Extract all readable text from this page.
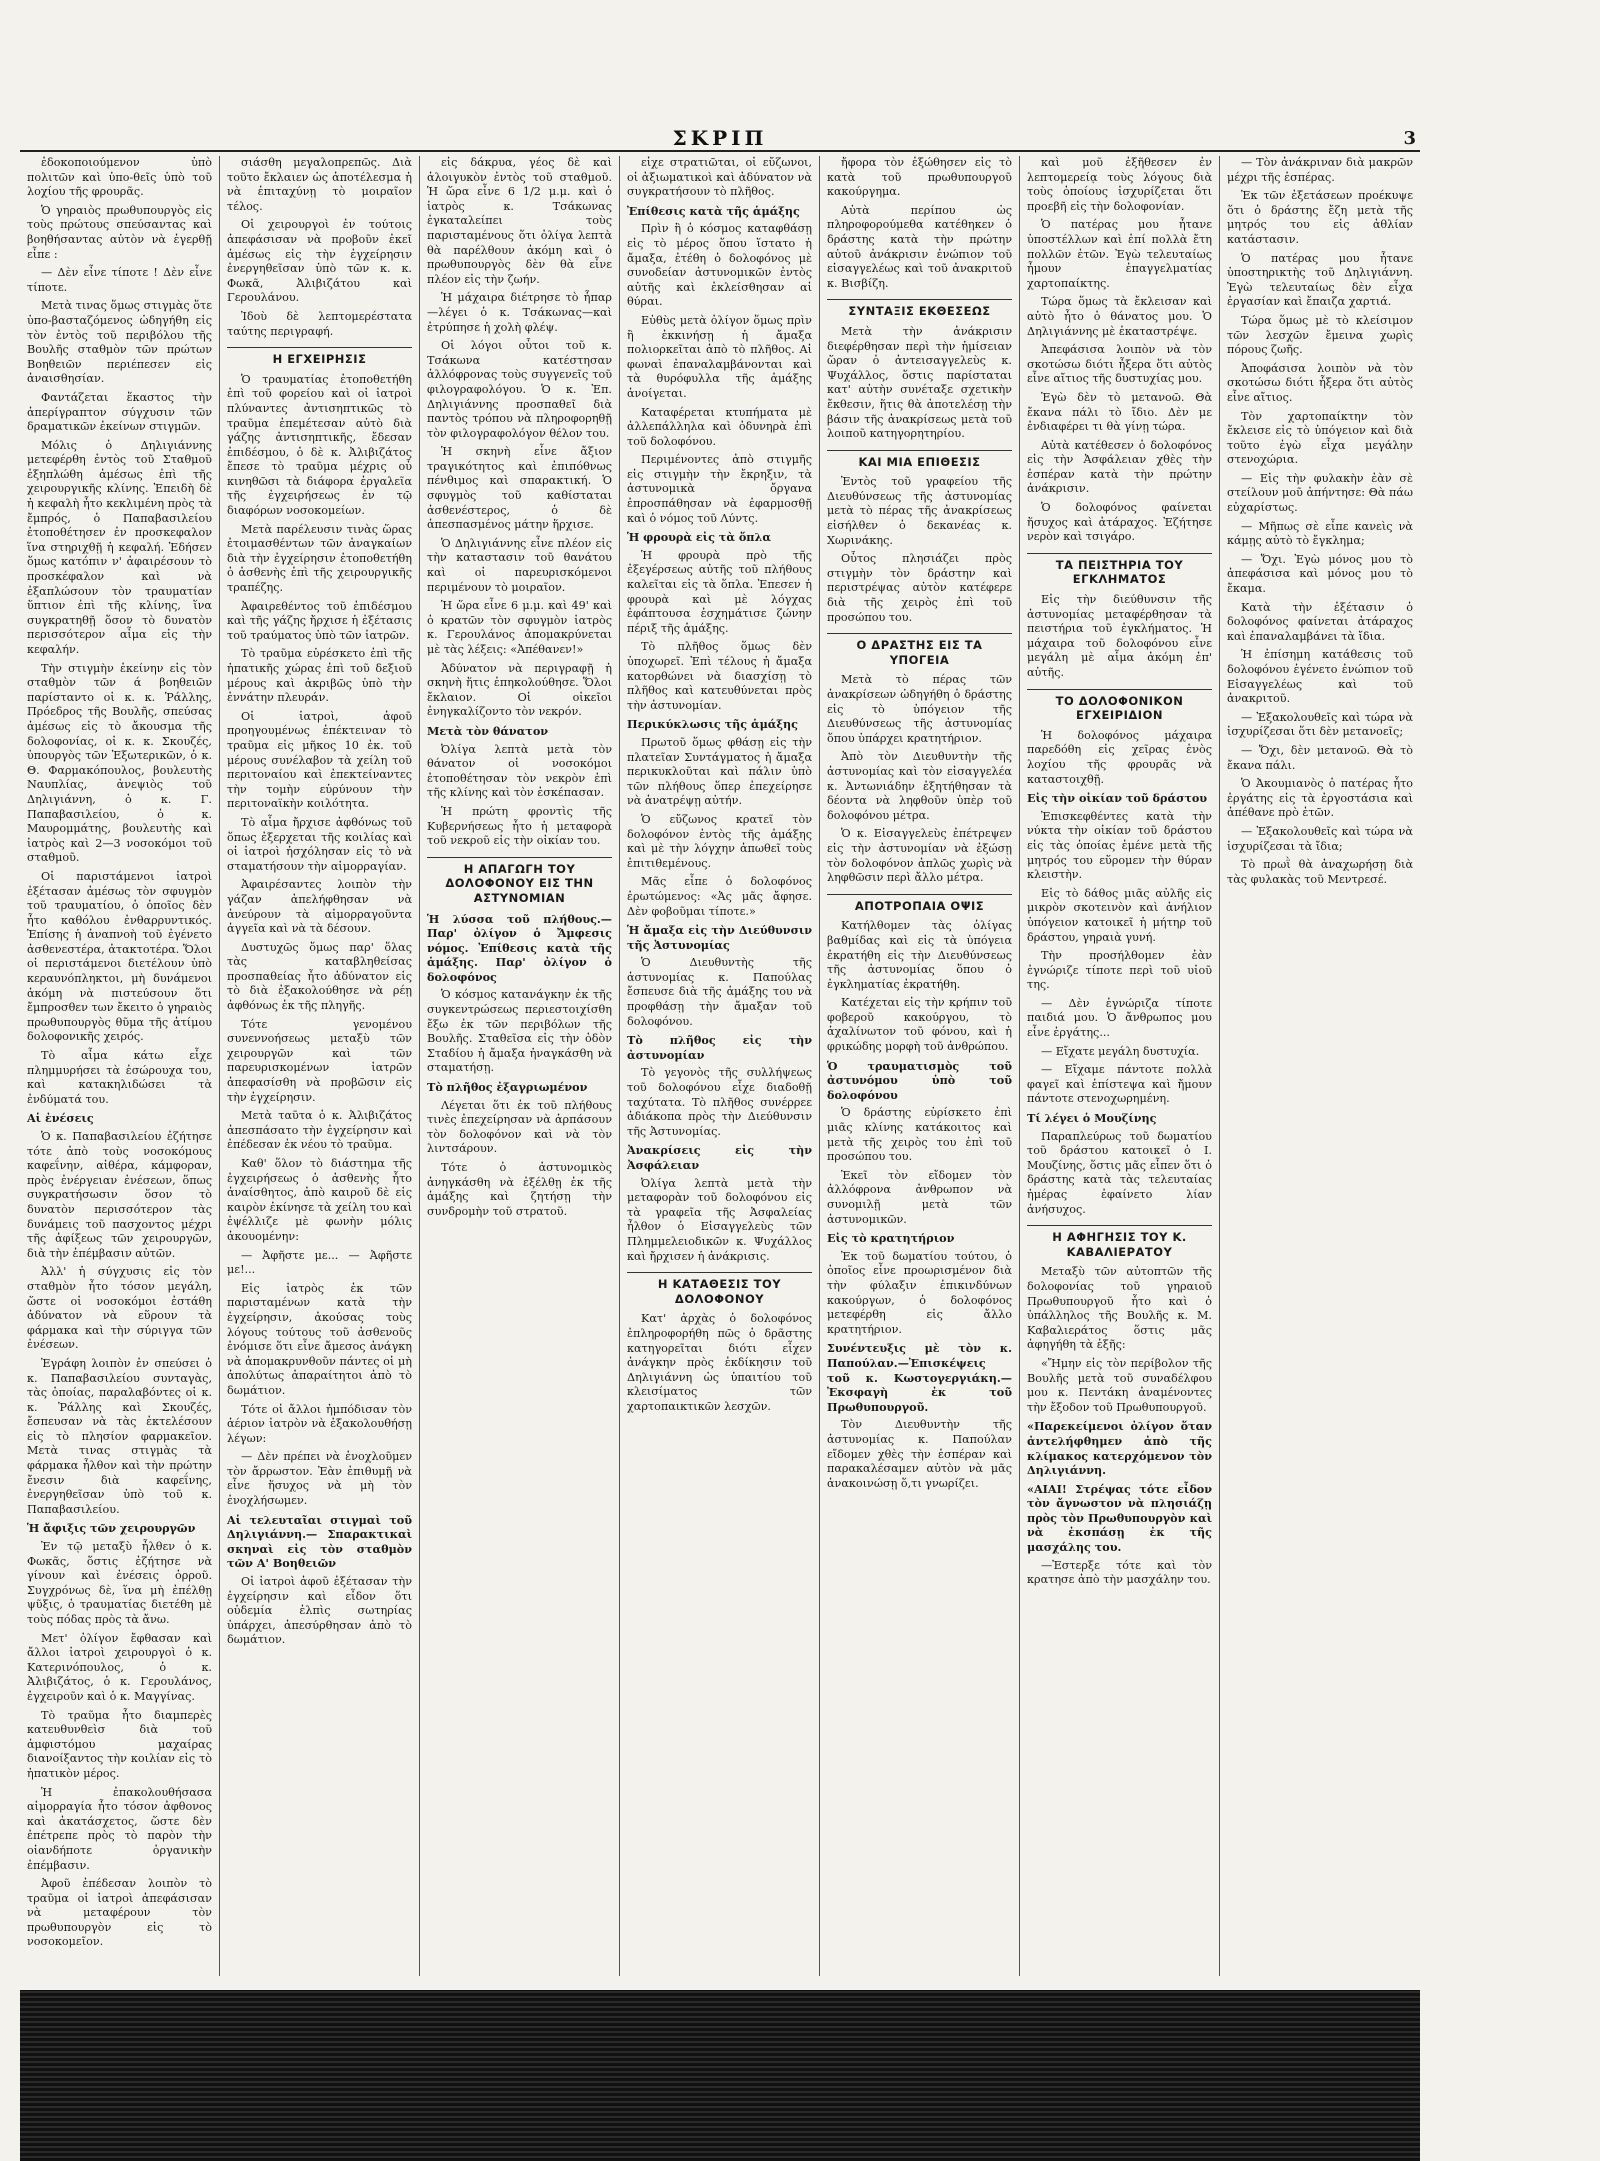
ΣΚΡΙΠ	3

ἐδοκοποιούμενον ὑπὸ πολιτῶν καὶ ὑπο-θεῖς ὑπὸ τοῦ λοχίου τῆς φρουρᾶς.

Ὁ γηραιὸς πρωθυπουργὸς εἰς τοὺς πρώτους σπεύσαντας καὶ βοηθήσαντας αὐτὸν νὰ ἐγερθῇ εἶπε :

— Δὲν εἶνε τίποτε ! Δὲν εἶνε τίποτε.

Μετὰ τινας ὅμως στιγμὰς ὅτε ὑπο-βασταζόμενος ὡδηγήθη εἰς τὸν ἐντὸς τοῦ περιβόλου τῆς Βουλῆς σταθμὸν τῶν πρώτων Βοηθειῶν περιέπεσεν εἰς ἀναισθησίαν.

Φαντάζεται ἕκαστος τὴν ἀπερίγραπτον σύγχυσιν τῶν δραματικῶν ἐκείνων στιγμῶν.

Μόλις ὁ Δηλιγιάννης μετεφέρθη ἐντὸς τοῦ Σταθμοῦ ἐξηπλώθη ἀμέσως ἐπὶ τῆς χειρουργικῆς κλίνης. Ἐπειδὴ δὲ ἡ κεφαλὴ ἦτο κεκλιμένη πρὸς τὰ ἔμπρός, ὁ Παπαβασιλείου ἐτοποθέτησεν ἐν προσκεφαλον ἵνα στηριχθῇ ἡ κεφαλή. Ἐδήσεν ὅμως κατόπιν ν' ἀφαιρέσουν τὸ προσκέφαλον καὶ νὰ ἐξαπλώσουν τὸν τραυματίαν ὕπτιον ἐπὶ τῆς κλίνης, ἵνα συγκρατηθῇ ὅσον τὸ δυνατὸν περισσότερον αἷμα εἰς τὴν κεφαλήν.

Τὴν στιγμὴν ἐκείνην εἰς τὸν σταθμὸν τῶν ά βοηθειῶν παρίσταντο οἱ κ. κ. Ῥάλλης, Πρόεδρος τῆς Βουλῆς, σπεύσας ἀμέσως εἰς τὸ ἄκουσμα τῆς δολοφονίας, οἱ κ. κ. Σκουζές, ὑπουργὸς τῶν Ἐξωτερικῶν, ὁ κ. Θ. Φαρμακόπουλος, βουλευτὴς Ναυπλίας, ἀνεψιὸς τοῦ Δηλιγιάννη, ὁ κ. Γ. Παπαβασιλείου, ὁ κ. Μαυρομμάτης, βουλευτὴς καὶ ἰατρὸς καὶ 2—3 νοσοκόμοι τοῦ σταθμοῦ.

Οἱ παριστάμενοι ἰατροὶ ἐξέτασαν ἀμέσως τὸν σφυγμὸν τοῦ τραυματίου, ὁ ὁποῖος δὲν ἦτο καθόλου ἐνθαρρυντικός. Ἐπίσης ἡ ἀναπνοὴ τοῦ ἐγένετο ἀσθενεστέρα, ἀτακτοτέρα. Ὅλοι οἱ περιστάμενοι διετέλουν ὑπὸ κεραυνόπληκτοι, μὴ δυνάμενοι ἀκόμη νὰ πιστεύσουν ὅτι ἔμπροσθεν των ἔκειτο ὁ γηραιὸς πρωθυπουργὸς θῦμα τῆς ἀτίμου δολοφονικῆς χειρός.

Τὸ αἷμα κάτω εἶχε πλημμυρήσει τὰ ἐσώρουχα του, καὶ κατακηλιδώσει τὰ ἐνδύματά του.

Αἱ ἐνέσεις

Ὁ κ. Παπαβασιλείου ἐζήτησε τότε ἀπὸ τοὺς νοσοκόμους καφεΐνην, αἰθέρα, κάμφοραν, πρὸς ἐνέργειαν ἐνέσεων, ὅπως συγκρατήσωσιν ὅσον τὸ δυνατὸν περισσότερον τὰς δυνάμεις τοῦ πασχοντος μέχρι τῆς ἀφίξεως τῶν χειρουργῶν, διὰ τὴν ἐπέμβασιν αὐτῶν.

Ἀλλ' ἡ σύγχυσις εἰς τὸν σταθμὸν ἦτο τόσον μεγάλη, ὥστε οἱ νοσοκόμοι ἐστάθη ἀδύνατον νὰ εὕρουν τὰ φάρμακα καὶ τὴν σύριγγα τῶν ἐνέσεων.

Ἐγράφη λοιπὸν ἐν σπεύσει ὁ κ. Παπαβασιλείου συνταγὰς, τὰς ὁποίας, παραλαβόντες οἱ κ. κ. Ῥάλλης καὶ Σκουζές, ἔσπευσαν νὰ τὰς ἐκτελέσουν εἰς τὸ πλησίον φαρμακεῖον. Μετὰ τινας στιγμὰς τὰ φάρμακα ἦλθον καὶ τὴν πρώτην ἔνεσιν διὰ καφεΐνης, ἐνεργηθεῖσαν ὑπὸ τοῦ κ. Παπαβασιλείου.

Ἡ ἄφιξις τῶν χειρουργῶν

Ἐν τῷ μεταξὺ ἦλθεν ὁ κ. Φωκᾶς, ὅστις ἐζήτησε νὰ γίνουν καὶ ἐνέσεις ὀρροῦ. Συγχρόνως δὲ, ἵνα μὴ ἐπέλθῃ ψῦξις, ὁ τραυματίας διετέθη μὲ τοὺς πόδας πρὸς τὰ ἄνω.

Μετ' ὀλίγον ἔφθασαν καὶ ἄλλοι ἰατροὶ χειρουργοὶ ὁ κ. Κατερινόπουλος, ὁ κ. Ἀλιβιζάτος, ὁ κ. Γερουλάνος, ἐγχειροῦν καὶ ὁ κ. Μαγγίνας.

Τὸ τραῦμα ἦτο διαμπερὲς κατευθυνθεὶσ διὰ τοῦ ἀμφιστόμου μαχαίρας διανοίξαντος τὴν κοιλίαν εἰς τὸ ἡπατικὸν μέρος.

Ἡ ἐπακολουθήσασα αἱμορραγία ἦτο τόσον ἀφθονος καὶ ἀκατάσχετος, ὥστε δὲν ἐπέτρεπε πρὸς τὸ παρὸν τὴν οἱανδήποτε ὀργανικὴν ἐπέμβασιν.

Ἀφοῦ ἐπέδεσαν λοιπὸν τὸ τραῦμα οἱ ἰατροὶ ἀπεφάσισαν νὰ μεταφέρουν τὸν πρωθυπουργὸν εἰς τὸ νοσοκομεῖον.

σιάσθη μεγαλοπρεπῶς. Διὰ τοῦτο ἔκλαιεν ὡς ἀποτέλεσμα ἡ νὰ ἐπιταχύνῃ τὸ μοιραῖον τέλος.

Οἱ χειρουργοὶ ἐν τούτοις ἀπεφάσισαν νὰ προβοῦν ἐκεῖ ἀμέσως εἰς τὴν ἐγχείρησιν ἐνεργηθεῖσαν ὑπὸ τῶν κ. κ. Φωκᾶ, Ἀλιβιζάτου καὶ Γερουλάνου.

Ἰδοὺ δὲ λεπτομερέστατα ταύτης περιγραφή.

Η ΕΓΧΕΙΡΗΣΙΣ

Ὁ τραυματίας ἐτοποθετήθη ἐπὶ τοῦ φορείου καὶ οἱ ἰατροὶ πλύναντες ἀντισηπτικῶς τὸ τραῦμα ἐπεμέτεσαν αὐτὸ διὰ γάζης ἀντισηπτικῆς, ἔδεσαν ἐπιδέσμου, ὁ δὲ κ. Ἀλιβιζάτος ἔπεσε τὸ τραῦμα μέχρις οὗ κινηθῶσι τὰ διάφορα ἐργαλεῖα τῆς ἐγχειρήσεως ἐν τῷ διαφόρων νοσοκομείων.

Μετὰ παρέλευσιν τινὰς ὥρας ἐτοιμασθέντων τῶν ἀναγκαίων διὰ τὴν ἐγχείρησιν ἐτοποθετήθη ὁ ἀσθενὴς ἐπὶ τῆς χειρουργικῆς τραπέζης.

Ἀφαιρεθέντος τοῦ ἐπιδέσμου καὶ τῆς γάζης ἤρχισε ἡ ἐξέτασις τοῦ τραύματος ὑπὸ τῶν ἰατρῶν.

Τὸ τραῦμα εὑρέσκετο ἐπὶ τῆς ἡπατικῆς χώρας ἐπὶ τοῦ δεξιοῦ μέρους καὶ ἀκριβῶς ὑπὸ τὴν ἐννάτην πλευράν.

Οἱ ἰατροὶ, ἀφοῦ προηγουμένως ἐπέκτειναν τὸ τραῦμα εἰς μῆκος 10 ἐκ. τοῦ μέρους συνέλαβον τὰ χείλη τοῦ περιτοναίου καὶ ἐπεκτείναντες τὴν τομὴν εὐρύνουν τὴν περιτοναϊκὴν κοιλότητα.

Τὸ αἷμα ἤρχισε ἀφθόνως τοῦ ὅπως ἐξερχεται τῆς κοιλίας καὶ οἱ ἰατροὶ ἠσχόλησαν εἰς τὸ νὰ σταματήσουν τὴν αἱμορραγίαν.

Ἀφαιρέσαντες λοιπὸν τὴν γάζαν ἀπελήφθησαν νὰ ἀνεύρουν τὰ αἱμορραγοῦντα ἀγγεῖα καὶ νὰ τὰ δέσουν.

Δυστυχῶς ὅμως παρ' ὅλας τὰς καταβληθείσας προσπαθείας ἦτο ἀδύνατον εἰς τὸ διὰ ἐξακολούθησε νὰ ρέῃ ἀφθόνως ἐκ τῆς πληγῆς.

Τότε γενομένου συνεννοήσεως μεταξὺ τῶν χειρουργῶν καὶ τῶν παρευρισκομένων ἰατρῶν ἀπεφασίσθη νὰ προβῶσιν εἰς τὴν ἐγχείρησιν.

Μετὰ ταῦτα ὁ κ. Ἀλιβιζάτος ἀπεσπάσατο τὴν ἐγχείρησιν καὶ ἐπέδεσαν ἐκ νέου τὸ τραῦμα.

Καθ' ὅλον τὸ διάστημα τῆς ἐγχειρήσεως ὁ ἀσθενὴς ἦτο ἀναίσθητος, ἀπὸ καιροῦ δὲ εἰς καιρὸν ἐκίνησε τὰ χείλη του καὶ ἐψέλλιζε μὲ φωνὴν μόλις ἀκουομένην:

— Ἀφῆστε με... — Ἀφῆστε με!...

Εἰς ἰατρὸς ἐκ τῶν παρισταμένων κατὰ τὴν ἐγχείρησιν, ἀκούσας τοὺς λόγους τούτους τοῦ ἀσθενοῦς ἐνόμισε ὅτι εἶνε ἄμεσος ἀνάγκη νὰ ἀπομακρυνθοῦν πάντες οἱ μὴ ἀπολύτως ἀπαραίτητοι ἀπὸ τὸ δωμάτιον.

Τότε οἱ ἄλλοι ἠμπόδισαν τὸν ἀέριον ἰατρὸν νὰ ἐξακολουθήσῃ λέγων:

— Δὲν πρέπει νὰ ἐνοχλοῦμεν τὸν ἄρρωστον. Ἐὰν ἐπιθυμῇ νὰ εἶνε ἥσυχος νὰ μὴ τὸν ἐνοχλήσωμεν.

Αἱ τελευταῖαι στιγμαὶ τοῦ Δηλιγιάννη.— Σπαρακτικαὶ σκηναὶ εἰς τὸν σταθμὸν τῶν Α' Βοηθειῶν

Οἱ ἰατροὶ ἀφοῦ ἐξέτασαν τὴν ἐγχείρησιν καὶ εἶδον ὅτι οὐδεμία ἐλπὶς σωτηρίας ὑπάρχει, ἀπεσύρθησαν ἀπὸ τὸ δωμάτιον.

εἰς δάκρυα, γέος δὲ καὶ ἀλοιγυκὸν ἐντὸς τοῦ σταθμοῦ. Ἡ ὥρα εἶνε 6 1/2 μ.μ. καὶ ὁ ἰατρὸς κ. Τσάκωνας ἐγκαταλείπει τοὺς παρισταμένους ὅτι ὀλίγα λεπτὰ θὰ παρέλθουν ἀκόμη καὶ ὁ πρωθυπουργὸς δὲν θὰ εἶνε πλέον εἰς τὴν ζωήν.

Ἡ μάχαιρα διέτρησε τὸ ἧπαρ—λέγει ὁ κ. Τσάκωνας—καὶ ἐτρύπησε ἡ χολὴ φλέψ.

Οἱ λόγοι οὗτοι τοῦ κ. Τσάκωνα κατέστησαν ἀλλόφρονας τοὺς συγγενεῖς τοῦ φιλογραφολόγου. Ὁ κ. Ἐπ. Δηλιγιάννης προσπαθεῖ διὰ παντὸς τρόπου νὰ πληροφορηθῇ τὸν φιλογραφολόγον θέλον του.

Ἡ σκηνὴ εἶνε ἄξιον τραγικότητος καὶ ἐπιπόθνως πένθιμος καὶ σπαρακτική. Ὁ σφυγμὸς τοῦ καθίσταται ἀσθενέστερος, ὁ δὲ ἀπεσπασμένος μάτην ἥρχισε.

Ὁ Δηλιγιάννης εἶνε πλέον εἰς τὴν καταστασιν τοῦ θανάτου καὶ οἱ παρευρισκόμενοι περιμένουν τὸ μοιραῖον.

Ἡ ὥρα εἶνε 6 μ.μ. καὶ 49' καὶ ὁ κρατῶν τὸν σφυγμὸν ἰατρὸς κ. Γερουλάνος ἀπομακρύνεται μὲ τὰς λέξεις: «Ἀπέθανεν!»

Ἀδύνατον νὰ περιγραφῇ ἡ σκηνὴ ἥτις ἐπηκολούθησε. Ὅλοι ἔκλαιον. Οἱ οἰκεῖοι ἐνηγκαλίζοντο τὸν νεκρόν.

Μετὰ τὸν θάνατον

Ὀλίγα λεπτὰ μετὰ τὸν θάνατον οἱ νοσοκόμοι ἐτοποθέτησαν τὸν νεκρὸν ἐπὶ τῆς κλίνης καὶ τὸν ἐσκέπασαν.

Ἡ πρώτη φροντὶς τῆς Κυβερνήσεως ἦτο ἡ μεταφορὰ τοῦ νεκροῦ εἰς τὴν οἰκίαν του.

Η ΑΠΑΓΩΓΗ ΤΟΥ ΔΟΛΟΦΟΝΟΥ ΕΙΣ ΤΗΝ ΑΣΤΥΝΟΜΙΑΝ

Ἡ λύσσα τοῦ πλήθους.—Παρ' ὀλίγον ὁ Ἄμφεσις νόμος. Ἐπίθεσις κατὰ τῆς ἁμάξης. Παρ' ὀλίγον ὁ δολοφόνος

Ὁ κόσμος κατανάγκην ἐκ τῆς συγκεντρώσεως περιεστοιχίσθη ἔξω ἐκ τῶν περιβόλων τῆς Βουλῆς. Σταθεῖσα εἰς τὴν ὁδὸν Σταδίου ἡ ἄμαξα ἠναγκάσθη νὰ σταματήσῃ.

Τὸ πλῆθος ἐξαγριωμένον

Λέγεται ὅτι ἐκ τοῦ πλήθους τινὲς ἐπεχείρησαν νὰ ἀρπάσουν τὸν δολοφόνον καὶ νὰ τὸν λιντσάρουν.

Τότε ὁ ἀστυνομικὸς ἀνηγκάσθη νὰ ἐξέλθῃ ἐκ τῆς ἁμάξης καὶ ζητήσῃ τὴν συνδρομὴν τοῦ στρατοῦ.

εἶχε στρατιῶται, οἱ εὔζωνοι, οἱ ἀξιωματικοὶ καὶ ἀδύνατον νὰ συγκρατήσουν τὸ πλῆθος.

Ἐπίθεσις κατὰ τῆς ἁμάξης

Πρὶν ἢ ὁ κόσμος καταφθάσῃ εἰς τὸ μέρος ὅπου ἵστατο ἡ ἄμαξα, ἐτέθη ὁ δολοφόνος μὲ συνοδείαν ἀστυνομικῶν ἐντὸς αὐτῆς καὶ ἐκλείσθησαν αἱ θύραι.

Εὐθὺς μετὰ ὀλίγον ὅμως πρὶν ἢ ἐκκινήσῃ ἡ ἄμαξα πολιορκεῖται ἀπὸ τὸ πλῆθος. Αἱ φωναὶ ἐπαναλαμβάνονται καὶ τὰ θυρόφυλλα τῆς ἁμάξης ἀνοίγεται.

Καταφέρεται κτυπήματα μὲ ἀλλεπάλληλα καὶ ὀδυνηρὰ ἐπὶ τοῦ δολοφόνου.

Περιμένοντες ἀπὸ στιγμῆς εἰς στιγμὴν τὴν ἔκρηξιν, τὰ ἀστυνομικὰ ὄργανα ἐπροσπάθησαν νὰ ἐφαρμοσθῇ καὶ ὁ νόμος τοῦ Λύντς.

Ἡ φρουρὰ εἰς τὰ ὅπλα

Ἡ φρουρὰ πρὸ τῆς ἐξεγέρσεως αὐτῆς τοῦ πλήθους καλεῖται εἰς τὰ ὅπλα. Ἐπεσεν ἡ φρουρὰ καὶ μὲ λόγχας ἐφάπτουσα ἐσχημάτισε ζώνην πέριξ τῆς ἁμάξης.

Τὸ πλῆθος ὅμως δὲν ὑποχωρεῖ. Ἐπὶ τέλους ἡ ἄμαξα κατορθώνει νὰ διασχίσῃ τὸ πλῆθος καὶ κατευθύνεται πρὸς τὴν ἀστυνομίαν.

Περικύκλωσις τῆς ἁμάξης

Πρωτοῦ ὅμως φθάσῃ εἰς τὴν πλατεῖαν Συντάγματος ἡ ἄμαξα περικυκλοῦται καὶ πάλιν ὑπὸ τῶν πλήθους ὅπερ ἐπεχείρησε νὰ ἀνατρέψῃ αὐτήν.

Ὁ εὔζωνος κρατεῖ τὸν δολοφόνον ἐντὸς τῆς ἁμάξης καὶ μὲ τὴν λόγχην ἀπωθεῖ τοὺς ἐπιτιθεμένους.

Μᾶς εἶπε ὁ δολοφόνος ἐρωτώμενος: «Ἀς μᾶς ἄφησε. Δὲν φοβοῦμαι τίποτε.»

Ἡ ἄμαξα εἰς τὴν Διεύθυνσιν τῆς Ἀστυνομίας

Ὁ Διευθυντὴς τῆς ἀστυνομίας κ. Παπούλας ἔσπευσε διὰ τῆς ἁμάξης του νὰ προφθάσῃ τὴν ἄμαξαν τοῦ δολοφόνου.

Τὸ πλῆθος εἰς τὴν ἀστυνομίαν

Τὸ γεγονὸς τῆς συλλήψεως τοῦ δολοφόνου εἶχε διαδοθῇ ταχύτατα. Τὸ πλῆθος συνέρρεε ἀδιάκοπα πρὸς τὴν Διεύθυνσιν τῆς Ἀστυνομίας.

Ἀνακρίσεις εἰς τὴν Ἀσφάλειαν

Ὀλίγα λεπτὰ μετὰ τὴν μεταφορὰν τοῦ δολοφόνου εἰς τὰ γραφεῖα τῆς Ἀσφαλείας ἦλθον ὁ Εἰσαγγελεὺς τῶν Πλημμελειοδικῶν κ. Ψυχάλλος καὶ ἤρχισεν ἡ ἀνάκρισις.

Η ΚΑΤΑΘΕΣΙΣ ΤΟΥ ΔΟΛΟΦΟΝΟΥ

Κατ' ἀρχὰς ὁ δολοφόνος ἐπληροφορήθη πῶς ὁ δρᾶστης κατηγορεῖται διότι εἶχεν ἀνάγκην πρὸς ἐκδίκησιν τοῦ Δηλιγιάννη ὡς ὑπαιτίου τοῦ κλεισίματος τῶν χαρτοπαικτικῶν λεσχῶν.

ἤφορα τὸν ἐξώθησεν εἰς τὸ κατὰ τοῦ πρωθυπουργοῦ κακούργημα.

Αὐτὰ περίπου ὡς πληροφορούμεθα κατέθηκεν ὁ δράστης κατὰ τὴν πρώτην αὐτοῦ ἀνάκρισιν ἐνώπιον τοῦ εἰσαγγελέως καὶ τοῦ ἀνακριτοῦ κ. Βισβίζη.

ΣΥΝΤΑΞΙΣ ΕΚΘΕΣΕΩΣ

Μετὰ τὴν ἀνάκρισιν διεφέρθησαν περὶ τὴν ἡμίσειαν ὥραν ὁ ἀντεισαγγελεὺς κ. Ψυχάλλος, ὅστις παρίσταται κατ' αὐτὴν συνέταξε σχετικὴν ἔκθεσιν, ἥτις θὰ ἀποτελέσῃ τὴν βάσιν τῆς ἀνακρίσεως μετὰ τοῦ λοιποῦ κατηγορητηρίου.

ΚΑΙ ΜΙΑ ΕΠΙΘΕΣΙΣ

Ἐντὸς τοῦ γραφείου τῆς Διευθύνσεως τῆς ἀστυνομίας μετὰ τὸ πέρας τῆς ἀνακρίσεως εἰσήλθεν ὁ δεκανέας κ. Χωρινάκης.

Οὗτος πλησιάζει πρὸς στιγμὴν τὸν δράστην καὶ περιστρέψας αὐτὸν κατέφερε διὰ τῆς χειρὸς ἐπὶ τοῦ προσώπου του.

Ο ΔΡΑΣΤΗΣ ΕΙΣ ΤΑ ΥΠΟΓΕΙΑ

Μετὰ τὸ πέρας τῶν ἀνακρίσεων ὠδηγήθη ὁ δράστης εἰς τὸ ὑπόγειον τῆς Διευθύνσεως τῆς ἀστυνομίας ὅπου ὑπάρχει κρατητήριον.

Ἀπὸ τὸν Διευθυντὴν τῆς ἀστυνομίας καὶ τὸν εἰσαγγελέα κ. Ἀντωνιάδην ἐξητήθησαν τὰ δέοντα νὰ ληφθοῦν ὑπὲρ τοῦ δολοφόνου μέτρα.

Ὁ κ. Εἰσαγγελεὺς ἐπέτρεψεν εἰς τὴν ἀστυνομίαν νὰ ἐξώσῃ τὸν δολοφόνον ἀπλῶς χωρὶς νὰ ληφθῶσιν περὶ ἄλλο μέτρα.

ΑΠΟΤΡΟΠΑΙΑ ΟΨΙΣ

Κατήλθομεν τὰς ὀλίγας βαθμίδας καὶ εἰς τὰ ὑπόγεια ἐκρατήθη εἰς τὴν Διευθύνσεως τῆς ἀστυνομίας ὅπου ὁ ἐγκληματίας ἐκρατήθη.

Κατέχεται εἰς τὴν κρήπιν τοῦ φοβεροῦ κακούργου, τὸ ἀχαλίνωτον τοῦ φόνου, καὶ ἡ φρικώδης μορφὴ τοῦ ἀνθρώπου.

Ὁ τραυματισμὸς τοῦ ἀστυνόμου ὑπὸ τοῦ δολοφόνου

Ὁ δράστης εὑρίσκετο ἐπὶ μιᾶς κλίνης κατάκοιτος καὶ μετὰ τῆς χειρὸς του ἐπὶ τοῦ προσώπου του.

Ἐκεῖ τὸν εἴδομεν τὸν ἀλλόφρονα ἀνθρωπον νὰ συνομιλῇ μετὰ τῶν ἀστυνομικῶν.

Εἰς τὸ κρατητήριον

Ἐκ τοῦ δωματίου τούτου, ὁ ὁποῖος εἶνε προωρισμένον διὰ τὴν φύλαξιν ἐπικινδύνων κακούργων, ὁ δολοφόνος μετεφέρθη εἰς ἄλλο κρατητήριον.

Συνέντευξις μὲ τὸν κ. Παπούλαν.—Ἐπισκέψεις τοῦ κ. Κωστογεργιάκη.—Ἐκσφαγὴ ἐκ τοῦ Πρωθυπουργοῦ.

Τὸν Διευθυντὴν τῆς ἀστυνομίας κ. Παπούλαν εἴδομεν χθὲς τὴν ἑσπέραν καὶ παρακαλέσαμεν αὐτὸν νὰ μᾶς ἀνακοινώσῃ ὅ,τι γνωρίζει.

καὶ μοῦ ἐξῆθεσεν ἐν λεπτομερείᾳ τοὺς λόγους διὰ τοὺς ὁποίους ἰσχυρίζεται ὅτι προεβῆ εἰς τὴν δολοφονίαν.

Ὁ πατέρας μου ἦτανε ὑποστέλλων καὶ ἐπί πολλὰ ἔτη πολλῶν ἐτῶν. Ἐγὼ τελευταίως ἦμουν ἐπαγγελματίας χαρτοπαίκτης.

Τώρα ὅμως τὰ ἔκλεισαν καὶ αὐτὸ ἦτο ὁ θάνατος μου. Ὁ Δηλιγιάννης μὲ ἐκαταστρέψε.

Ἀπεφάσισα λοιπὸν νὰ τὸν σκοτώσω διότι ἦξερα ὅτι αὐτὸς εἶνε αἴτιος τῆς δυστυχίας μου.

Ἐγὼ δὲν τὸ μετανοῶ. Θὰ ἔκανα πάλι τὸ ἴδιο. Δὲν με ἐνδιαφέρει τι θὰ γίνῃ τώρα.

Αὐτὰ κατέθεσεν ὁ δολοφόνος εἰς τὴν Ἀσφάλειαν χθὲς τὴν ἑσπέραν κατὰ τὴν πρώτην ἀνάκρισιν.

Ὁ δολοφόνος φαίνεται ἥσυχος καὶ ἀτάραχος. Ἐζήτησε νερὸν καὶ τσιγάρο.

ΤΑ ΠΕΙΣΤΗΡΙΑ ΤΟΥ ΕΓΚΛΗΜΑΤΟΣ

Εἰς τὴν διεύθυνσιν τῆς ἀστυνομίας μεταφέρθησαν τὰ πειστήρια τοῦ ἐγκλήματος. Ἡ μάχαιρα τοῦ δολοφόνου εἶνε μεγάλη μὲ αἷμα ἀκόμη ἐπ' αὐτῆς.

ΤΟ ΔΟΛΟΦΟΝΙΚΟΝ ΕΓΧΕΙΡΙΔΙΟΝ

Ἡ δολοφόνος μάχαιρα παρεδόθη εἰς χεῖρας ἑνὸς λοχίου τῆς φρουρᾶς νὰ καταστοιχθῇ.

Εἰς τὴν οἰκίαν τοῦ δράστου

Ἐπισκεφθέντες κατὰ τὴν νύκτα τὴν οἰκίαν τοῦ δράστου εἰς τὰς ὁποίας ἐμένε μετὰ τῆς μητρός του εὕρομεν τὴν θύραν κλειστὴν.

Εἰς τὸ δάθος μιᾶς αὐλῆς εἰς μικρὸν σκοτεινὸν καὶ ἀνήλιον ὑπόγειον κατοικεῖ ἡ μήτηρ τοῦ δράστου, γηραιὰ γυνή.

Τὴν προσήλθομεν ἐὰν ἐγνώριζε τίποτε περὶ τοῦ υἱοῦ της.

— Δὲν ἐγνώριζα τίποτε παιδιά μου. Ὁ ἄνθρωπος μου εἶνε ἐργάτης...

— Εἴχατε μεγάλη δυστυχία.

— Εἴχαμε πάντοτε πολλὰ φαγεῖ καὶ ἐπίστεψα καὶ ἤμουν πάντοτε στενοχωρημένη.

Τί λέγει ὁ Μουζίνης

Παραπλεύρως τοῦ δωματίου τοῦ δράστου κατοικεῖ ὁ Ι. Μουζίνης, ὅστις μᾶς εἶπεν ὅτι ὁ δράστης κατὰ τὰς τελευταίας ἡμέρας ἐφαίνετο λίαν ἀνήσυχος.

Η ΑΦΗΓΗΣΙΣ ΤΟΥ Κ. ΚΑΒΑΛΙΕΡΑΤΟΥ

Μεταξὺ τῶν αὐτοπτῶν τῆς δολοφονίας τοῦ γηραιοῦ Πρωθυπουργοῦ ἦτο καὶ ὁ ὑπάλληλος τῆς Βουλῆς κ. Μ. Καβαλιεράτος ὅστις μᾶς ἀφηγήθη τὰ ἑξῆς:

«Ἤμην εἰς τὸν περίβολον τῆς Βουλῆς μετὰ τοῦ συναδέλφου μου κ. Πεντάκη ἀναμένοντες τὴν ἔξοδον τοῦ Πρωθυπουργοῦ.

«Παρεκείμενοι ὀλίγον ὅταν ἀντελήφθημεν ἀπὸ τῆς κλίμακος κατερχόμενον τὸν Δηλιγιάννη.

«ΑΙΑΙ! Στρέψας τότε εἶδον τὸν ἄγνωστον νὰ πλησιάζῃ πρὸς τὸν Πρωθυπουργὸν καὶ νὰ ἐκσπάσῃ ἐκ τῆς μασχάλης του.

—Ἐστερξε τότε καὶ τὸν κρατησε ἀπὸ τὴν μασχάλην του.

— Τὸν ἀνάκριναν διὰ μακρῶν μέχρι τῆς ἑσπέρας.

Ἐκ τῶν ἐξετάσεων προέκυψε ὅτι ὁ δράστης ἔζη μετὰ τῆς μητρός του εἰς ἀθλίαν κατάστασιν.

Ὁ πατέρας μου ἦτανε ὑποστηρικτὴς τοῦ Δηλιγιάννη. Ἐγὼ τελευταίως δὲν εἶχα ἐργασίαν καὶ ἔπαιζα χαρτιά.

Τώρα ὅμως μὲ τὸ κλείσιμον τῶν λεσχῶν ἔμεινα χωρὶς πόρους ζωῆς.

Ἀποφάσισα λοιπὸν νὰ τὸν σκοτώσω διότι ἦξερα ὅτι αὐτὸς εἶνε αἴτιος.

Τὸν χαρτοπαίκτην τὸν ἔκλεισε εἰς τὸ ὑπόγειον καὶ διὰ τοῦτο ἐγὼ εἶχα μεγάλην στενοχώρια.

— Εἰς τὴν φυλακὴν ἐὰν σὲ στείλουν μοῦ ἀπήντησε: Θὰ πάω εὐχαρίστως.

— Μῆπως σὲ εἶπε κανεὶς νὰ κάμῃς αὐτὸ τὸ ἔγκλημα;

— Ὄχι. Ἐγὼ μόνος μου τὸ ἀπεφάσισα καὶ μόνος μου τὸ ἔκαμα.

Κατὰ τὴν ἐξέτασιν ὁ δολοφόνος φαίνεται ἀτάραχος καὶ ἐπαναλαμβάνει τὰ ἴδια.

Ἡ ἐπίσημη κατάθεσις τοῦ δολοφόνου ἐγένετο ἐνώπιον τοῦ Εἰσαγγελέως καὶ τοῦ ἀνακριτοῦ.

— Ἐξακολουθεῖς καὶ τώρα νὰ ἰσχυρίζεσαι ὅτι δὲν μετανοεῖς;

— Ὄχι, δὲν μετανοῶ. Θὰ τὸ ἔκανα πάλι.

Ὁ Ἀκουμιανὸς ὁ πατέρας ἦτο ἐργάτης εἰς τὰ ἐργοστάσια καὶ ἀπέθανε πρὸ ἐτῶν.

— Ἐξακολουθεῖς καὶ τώρα νὰ ἰσχυρίζεσαι τὰ ἴδια;

Τὸ πρωῒ θὰ ἀναχωρήσῃ διὰ τὰς φυλακὰς τοῦ Μεντρεσέ.
